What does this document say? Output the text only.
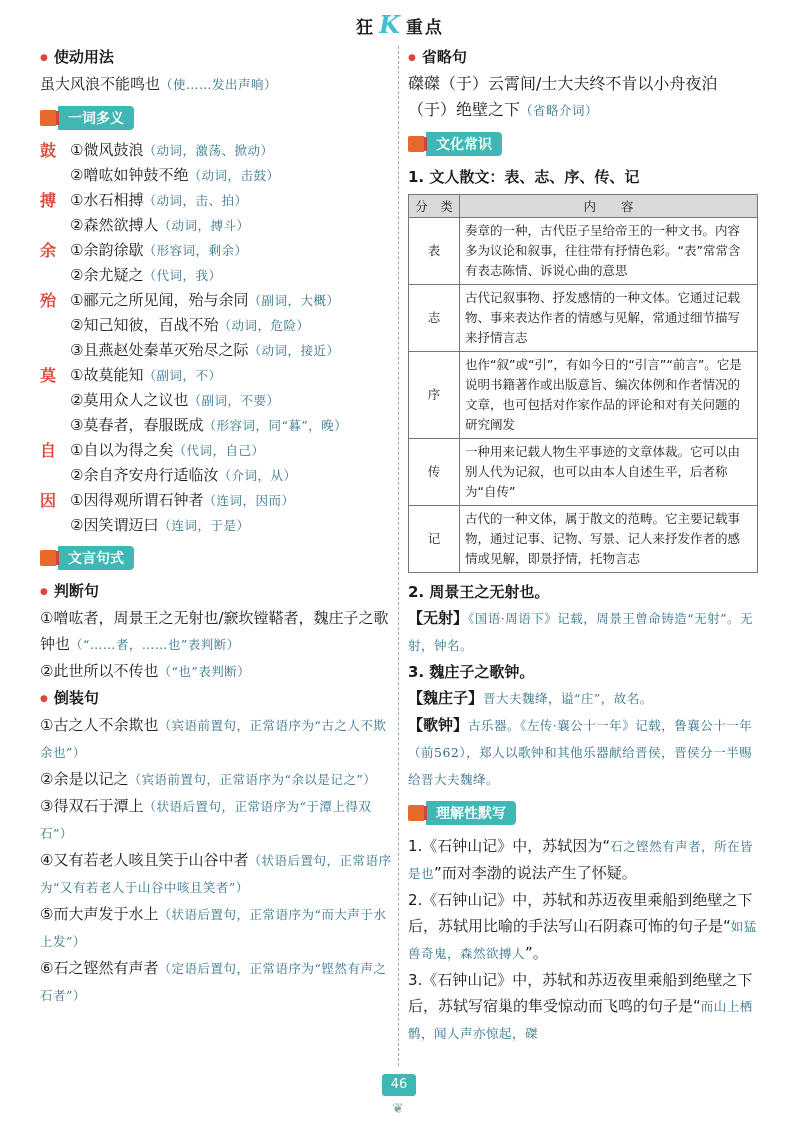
狂 K 重点
● 使动用法

虽大风浪不能鸣也（使……发出声响）

一词多义
鼓 ①微风鼓浪（动词，激荡、掀动）
②噌吰如钟鼓不绝（动词，击鼓）
搏 ①水石相搏（动词，击、拍）
②森然欲搏人（动词，搏斗）
余 ①余韵徐歇（形容词，剩余）
②余尤疑之（代词，我）
殆 ①郦元之所见闻，殆与余同（副词，大概）
②知己知彼，百战不殆（动词，危险）
③且燕赵处秦革灭殆尽之际（动词，接近）
莫 ①故莫能知（副词，不）
②莫用众人之议也（副词，不要）
③莫春者，春服既成（形容词，同“暮”，晚）
自 ①自以为得之矣（代词，自己）
②余自齐安舟行适临汝（介词，从）
因 ①因得观所谓石钟者（连词，因而）
②因笑谓迈曰（连词，于是）
文言句式
● 判断句

①噌吰者，周景王之无射也/窾坎镗鞳者，魏庄子之歌钟也（“……者，……也”表判断）

②此世所以不传也（“也”表判断）

● 倒装句

①古之人不余欺也（宾语前置句，正常语序为“古之人不欺余也”）

②余是以记之（宾语前置句，正常语序为“余以是记之”）

③得双石于潭上（状语后置句，正常语序为“于潭上得双石”）

④又有若老人咳且笑于山谷中者（状语后置句，正常语序为“又有若老人于山谷中咳且笑者”）

⑤而大声发于水上（状语后置句，正常语序为“而大声于水上发”）

⑥石之铿然有声者（定语后置句，正常语序为“铿然有声之石者”）

● 省略句

磔磔（于）云霄间/士大夫终不肯以小舟夜泊

（于）绝壁之下（省略介词）

文化常识

1. 文人散文：表、志、序、传、记

分　类	内　　容
表	奏章的一种，古代臣子呈给帝王的一种文书。内容多为议论和叙事，往往带有抒情色彩。“表”常常含有表志陈情、诉说心曲的意思
志	古代记叙事物、抒发感情的一种文体。它通过记载物、事来表达作者的情感与见解，常通过细节描写来抒情言志
序	也作“叙”或“引”，有如今日的“引言”“前言”。它是说明书籍著作或出版意旨、编次体例和作者情况的文章，也可包括对作家作品的评论和对有关问题的研究阐发
传	一种用来记载人物生平事迹的文章体裁。它可以由别人代为记叙，也可以由本人自述生平，后者称为“自传”
记	古代的一种文体，属于散文的范畴。它主要记载事物，通过记事、记物、写景、记人来抒发作者的感情或见解，即景抒情，托物言志

2. 周景王之无射也。

【无射】《国语·周语下》记载，周景王曾命铸造“无射”。无射，钟名。

3. 魏庄子之歌钟。

【魏庄子】晋大夫魏绛，谥“庄”，故名。

【歌钟】古乐器。《左传·襄公十一年》记载，鲁襄公十一年（前562），郑人以歌钟和其他乐器献给晋侯，晋侯分一半赐给晋大夫魏绛。

理解性默写

1.《石钟山记》中，苏轼因为“石之铿然有声者，所在皆是也”而对李渤的说法产生了怀疑。

2.《石钟山记》中，苏轼和苏迈夜里乘船到绝壁之下后，苏轼用比喻的手法写山石阴森可怖的句子是“如猛兽奇鬼，森然欲搏人”。

3.《石钟山记》中，苏轼和苏迈夜里乘船到绝壁之下后，苏轼写宿巢的隼受惊动而飞鸣的句子是“而山上栖鹘，闻人声亦惊起，磔

46
❦
